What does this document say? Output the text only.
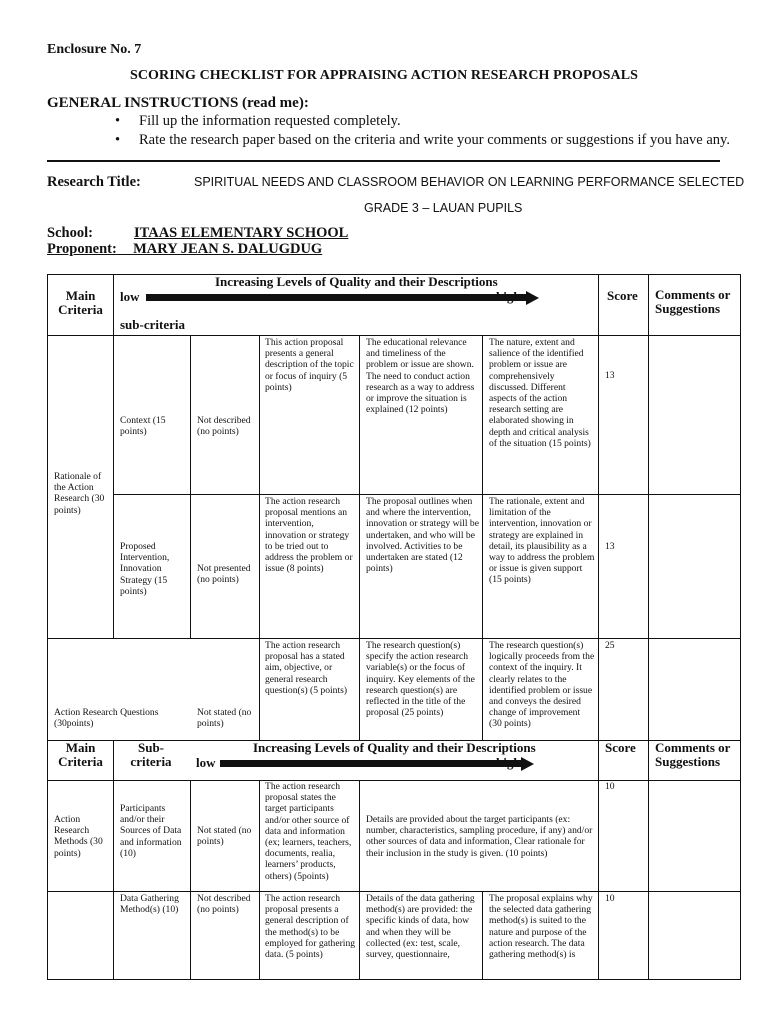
Enclosure No. 7
SCORING CHECKLIST FOR APPRAISING ACTION RESEARCH PROPOSALS
GENERAL INSTRUCTIONS (read me):
• Fill up the information requested completely.
• Rate the research paper based on the criteria and write your comments or suggestions if you have any.
Research Title:	SPIRITUAL NEEDS AND CLASSROOM BEHAVIOR ON LEARNING PERFORMANCE SELECTED
GRADE 3 – LAUAN PUPILS
School:	ITAAS ELEMENTARY SCHOOL
Proponent:
MARY JEAN S. DALUGDUG
Main Criteria
Increasing Levels of Quality and their Descriptions
low
sub-criteria
Score Comments or Suggestions
Rationale of the Action Research (30 points)
Context (15 points)
Not described (no points)
This action proposal presents a general description of the topic or focus of inquiry (5 points)
The educational relevance and timeliness of the problem or issue are shown. The need to conduct action research as a way to address or improve the situation is explained (12 points)
The nature, extent and salience of the identified problem or issue are comprehensively discussed. Different aspects of the action research setting are elaborated showing in depth and critical analysis of the situation (15 points)
13
Proposed Intervention, Innovation Strategy (15 points)
Not presented (no points)
The action research proposal mentions an intervention, innovation or strategy to be tried out to address the problem or issue (8 points)
The proposal outlines when and where the intervention, innovation or strategy will be undertaken, and who will be involved. Activities to be undertaken are stated (12 points)
The rationale, extent and limitation of the intervention, innovation or strategy are explained in detail, its plausibility as a way to address the problem or issue is given support (15 points)
13
Action Research Questions (30points)
Not stated (no points)
The action research proposal has a stated aim, objective, or general research question(s) (5 points)
The research question(s) specify the action research variable(s) or the focus of inquiry. Key elements of the research question(s) are reflected in the title of the proposal (25 points)
The research question(s) logically proceeds from the context of the inquiry. It clearly relates to the identified problem or issue and conveys the desired change of improvement (30 points)
25
Main Criteria
Sub-criteria
Increasing Levels of Quality and their Descriptions
low
Score Comments or Suggestions
Action Research Methods (30 points)
Participants and/or their Sources of Data and information (10)
Not stated (no points)
The action research proposal states the target participants and/or other source of data and information (ex; learners, teachers, documents, realia, learners’ products, others) (5points)
Details are provided about the target participants (ex: number, characteristics, sampling procedure, if any) and/or other sources of data and information, Clear rationale for their inclusion in the study is given. (10 points)
10
Data Gathering Method(s) (10)
Not described (no points)
The action research proposal presents a general description of the method(s) to be employed for gathering data. (5 points)
Details of the data gathering method(s) are provided: the specific kinds of data, how and when they will be collected (ex: test, scale, survey, questionnaire,
The proposal explains why the selected data gathering method(s) is suited to the nature and purpose of the action research. The data gathering method(s) is
10
